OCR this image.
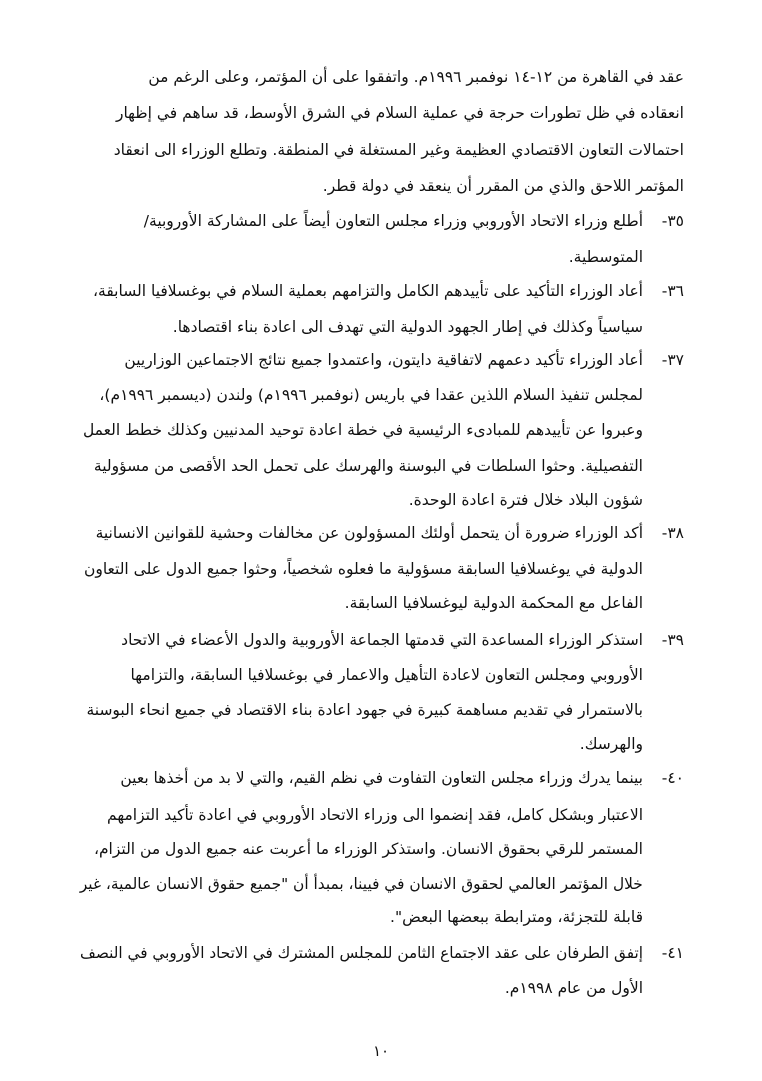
عقد في القاهرة من ١٢-١٤ نوفمبر ١٩٩٦م. واتفقوا على أن المؤتمر، وعلى الرغم من
انعقاده في ظل تطورات حرجة في عملية السلام في الشرق الأوسط، قد ساهم في إظهار
احتمالات التعاون الاقتصادي العظيمة وغير المستغلة في المنطقة. وتطلع الوزراء الى انعقاد
المؤتمر اللاحق والذي من المقرر أن ينعقد في دولة قطر.
٣٥-
أطلع وزراء الاتحاد الأوروبي وزراء مجلس التعاون أيضاً على المشاركة الأوروبية/
المتوسطية.
٣٦-
أعاد الوزراء التأكيد على تأييدهم الكامل والتزامهم بعملية السلام في بوغسلافيا السابقة،
سياسياً وكذلك في إطار الجهود الدولية التي تهدف الى اعادة بناء اقتصادها.
٣٧-
أعاد الوزراء تأكيد دعمهم لاتفاقية دايتون، واعتمدوا جميع نتائج الاجتماعين الوزاريين
لمجلس تنفيذ السلام اللذين عقدا في باريس (نوفمبر ١٩٩٦م) ولندن (ديسمبر ١٩٩٦م)،
وعبروا عن تأييدهم للمبادىء الرئيسية في خطة اعادة توحيد المدنيين وكذلك خطط العمل
التفصيلية. وحثوا السلطات في البوسنة والهرسك على تحمل الحد الأقصى من مسؤولية
شؤون البلاد خلال فترة اعادة الوحدة.
٣٨-
أكد الوزراء ضرورة أن يتحمل أولئك المسؤولون عن مخالفات وحشية للقوانين الانسانية
الدولية في يوغسلافيا السابقة مسؤولية ما فعلوه شخصياً، وحثوا جميع الدول على التعاون
الفاعل مع المحكمة الدولية ليوغسلافيا السابقة.
٣٩-
استذكر الوزراء المساعدة التي قدمتها الجماعة الأوروبية والدول الأعضاء في الاتحاد
الأوروبي ومجلس التعاون لاعادة التأهيل والاعمار في بوغسلافيا السابقة، والتزامها
بالاستمرار في تقديم مساهمة كبيرة في جهود اعادة بناء الاقتصاد في جميع انحاء البوسنة
والهرسك.
٤٠-
بينما يدرك وزراء مجلس التعاون التفاوت في نظم القيم، والتي لا بد من أخذها بعين
الاعتبار وبشكل كامل، فقد إنضموا الى وزراء الاتحاد الأوروبي في اعادة تأكيد التزامهم
المستمر للرقي بحقوق الانسان. واستذكر الوزراء ما أعربت عنه جميع الدول من التزام،
خلال المؤتمر العالمي لحقوق الانسان في فيينا، بمبدأ أن "جميع حقوق الانسان عالمية، غير
قابلة للتجزئة، ومترابطة ببعضها البعض".
٤١-
إتفق الطرفان على عقد الاجتماع الثامن للمجلس المشترك في الاتحاد الأوروبي في النصف
الأول من عام ١٩٩٨م.
١٠
